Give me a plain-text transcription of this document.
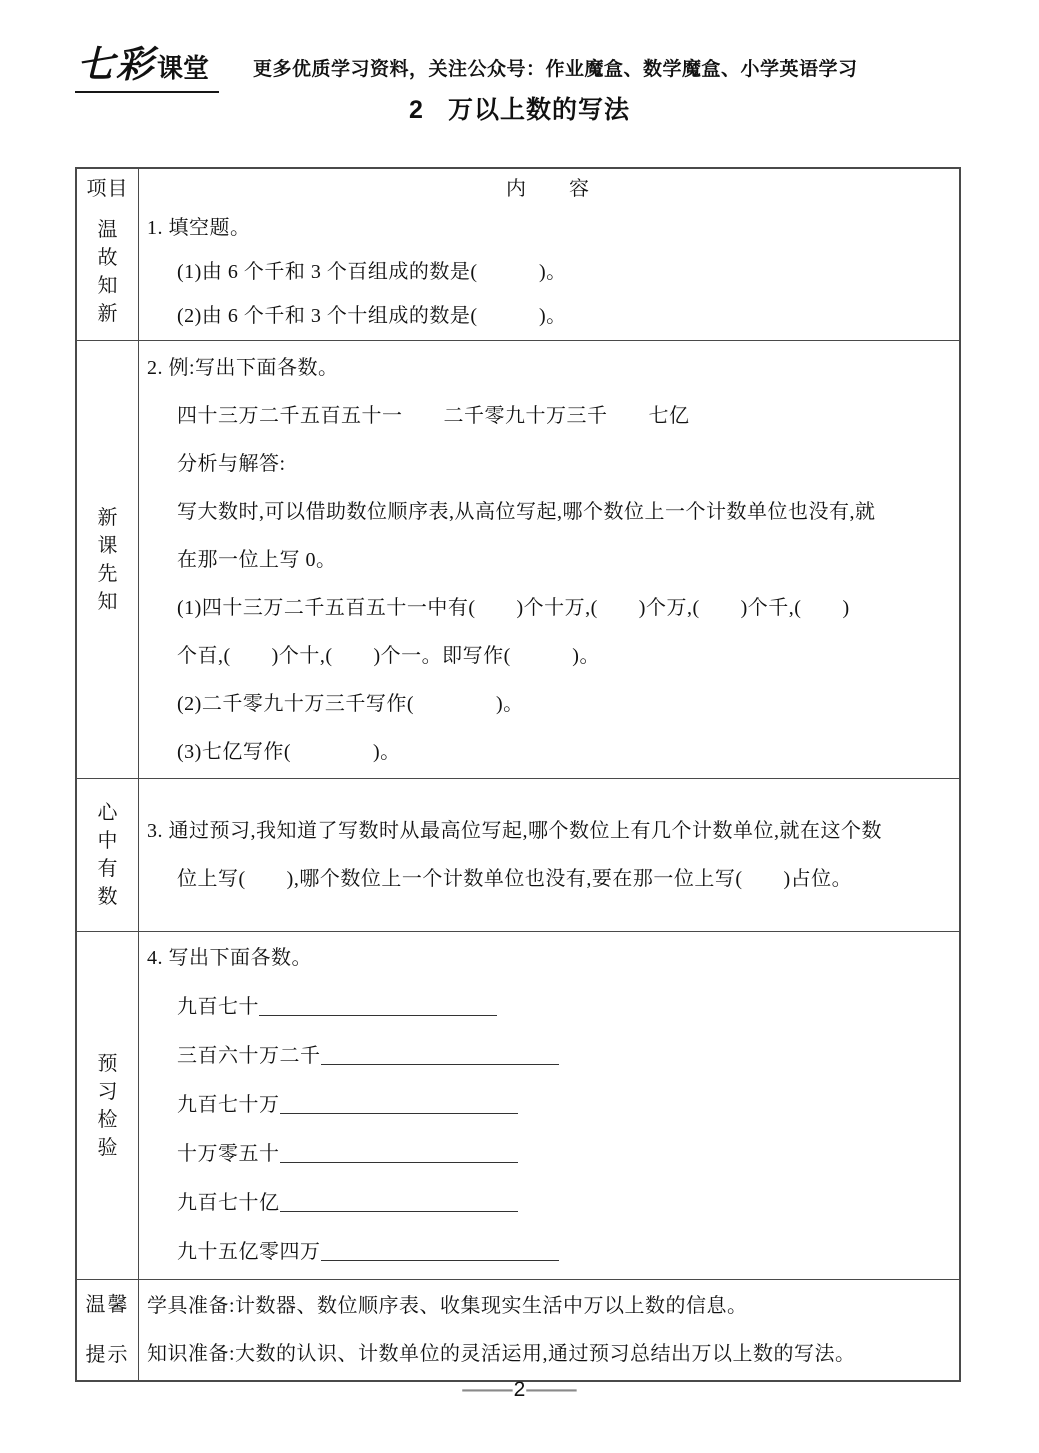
七彩 课堂 更多优质学习资料，关注公众号：作业魔盒、数学魔盒、小学英语学习
2 万以上数的写法
项目	内　　容
温故知新
1. 填空题。
(1)由 6 个千和 3 个百组成的数是(　　　)。
(2)由 6 个千和 3 个十组成的数是(　　　)。
新课先知
2. 例:写出下面各数。
四十三万二千五百五十一　　二千零九十万三千　　七亿
分析与解答:
写大数时,可以借助数位顺序表,从高位写起,哪个数位上一个计数单位也没有,就
在那一位上写 0。
(1)四十三万二千五百五十一中有(　　)个十万,(　　)个万,(　　)个千,(　　)
个百,(　　)个十,(　　)个一。即写作(　　　)。
(2)二千零九十万三千写作(　　　　)。
(3)七亿写作(　　　　)。
心中有数
3. 通过预习,我知道了写数时从最高位写起,哪个数位上有几个计数单位,就在这个数
位上写(　　),哪个数位上一个计数单位也没有,要在那一位上写(　　)占位。
预习检验
4. 写出下面各数。
九百七十
三百六十万二千
九百七十万
十万零五十
九百七十亿
九十五亿零四万
温馨提示
学具准备:计数器、数位顺序表、收集现实生活中万以上数的信息。
知识准备:大数的认识、计数单位的灵活运用,通过预习总结出万以上数的写法。
—2—
